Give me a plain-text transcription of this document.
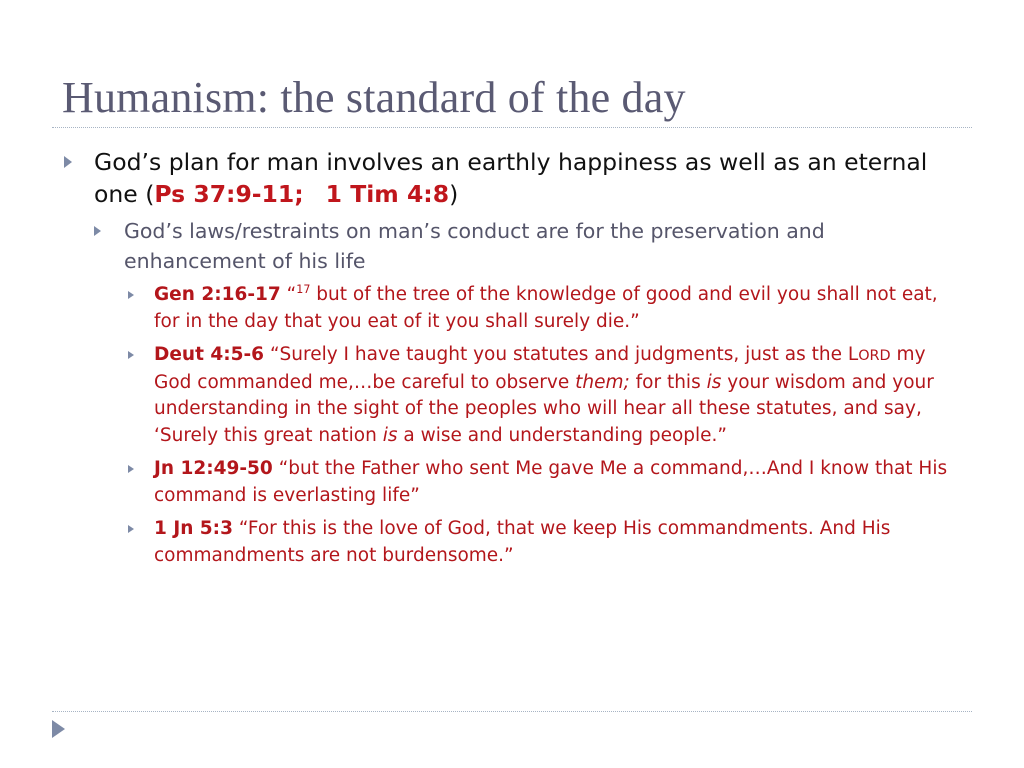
Humanism: the standard of the day
God’s plan for man involves an earthly happiness as well as an eternal one (Ps 37:9-11; 1 Tim 4:8)
God’s laws/restraints on man’s conduct are for the preservation and enhancement of his life
Gen 2:16-17 “$^{17}$ but of the tree of the knowledge of good and evil you shall not eat, for in the day that you eat of it you shall surely die.”
Deut 4:5-6 “Surely I have taught you statutes and judgments, just as the LORD my God commanded me,…be careful to observe them; for this is your wisdom and your understanding in the sight of the peoples who will hear all these statutes, and say, ‘Surely this great nation is a wise and understanding people.”
Jn 12:49-50 “but the Father who sent Me gave Me a command,…And I know that His command is everlasting life”
1 Jn 5:3 “For this is the love of God, that we keep His commandments. And His commandments are not burdensome.”
